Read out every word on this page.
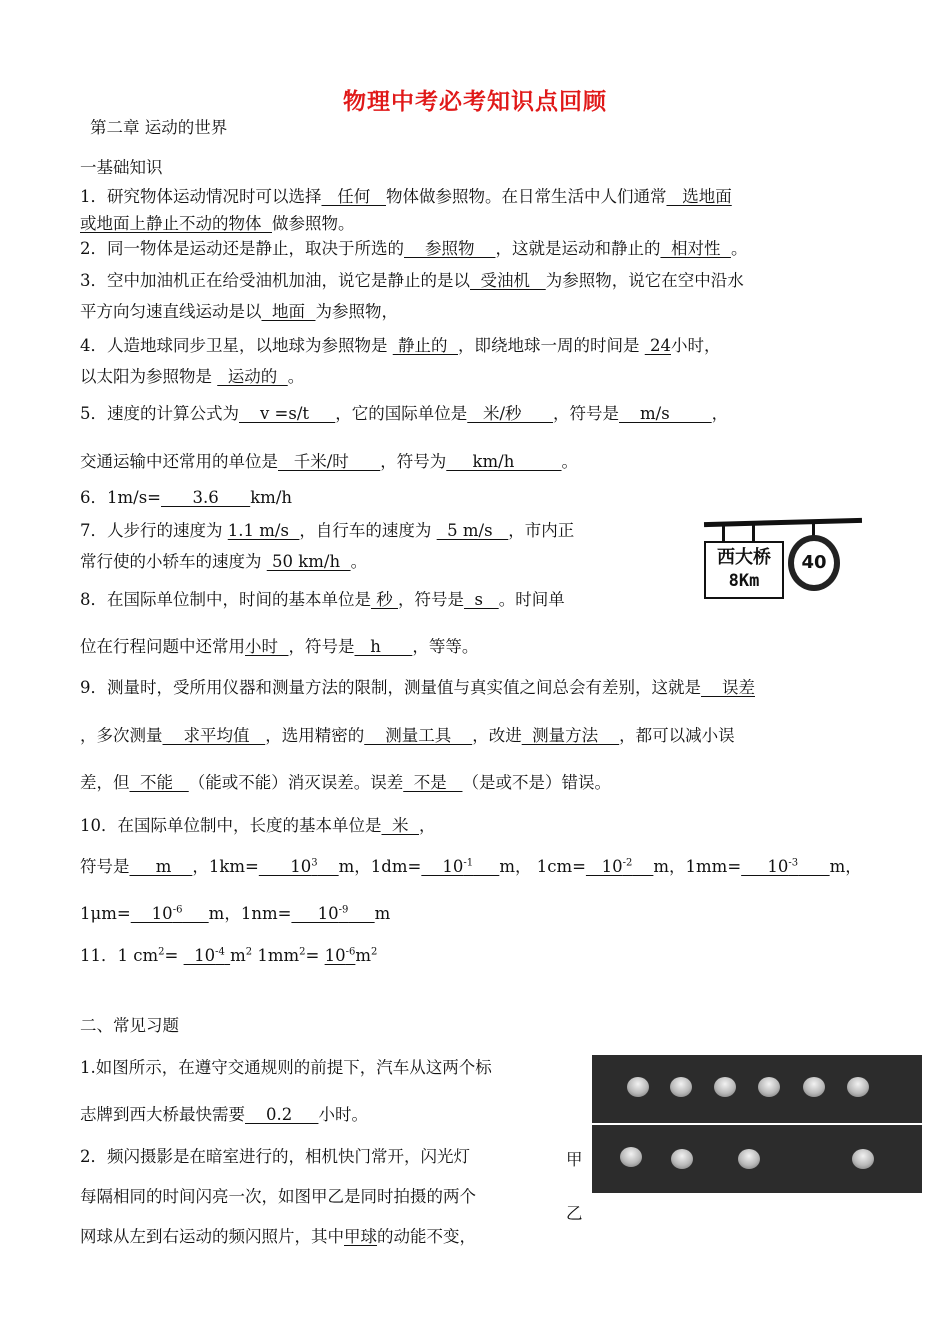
物理中考必考知识点回顾
第二章 运动的世界
一基础知识
1．研究物体运动情况时可以选择   任何   物体做参照物。在日常生活中人们通常   选地面
或地面上静止不动的物体  做参照物。
2．同一物体是运动还是静止，取决于所选的    参照物    ，这就是运动和静止的  相对性  。
3．空中加油机正在给受油机加油，说它是静止的是以  受油机   为参照物，说它在空中沿水
平方向匀速直线运动是以  地面  为参照物，
4．人造地球同步卫星，以地球为参照物是  静止的  ，即绕地球一周的时间是  24小时，
以太阳为参照物是   运动的  。
5．速度的计算公式为    v =s/t     ，它的国际单位是   米/秒      ，符号是    m/s        ，
交通运输中还常用的单位是   千米/时      ，符号为     km/h         。
6．1m/s=      3.6      km/h
7．人步行的速度为 1.1 m/s  ，自行车的速度为   5 m/s   ，市内正
常行使的小轿车的速度为  50 km/h  。
8．在国际单位制中，时间的基本单位是 秒 ，符号是  s   。时间单
位在行程问题中还常用小时  ，符号是   h      ，等等。
9．测量时，受所用仪器和测量方法的限制，测量值与真实值之间总会有差别，这就是    误差
，多次测量    求平均值   ，选用精密的    测量工具    ，改进  测量方法    ，都可以减小误
差，但  不能   （能或不能）消灭误差。误差  不是   （是或不是）错误。
10．在国际单位制中，长度的基本单位是  米  ，
符号是     m    ，1km=      $10^3$ m，1dm=    $10^{-1}$ m， $1cm= 10^{-2}$ m，1mm=     $10^{-3}$ m，
1μm=    $10^{-6}$ m，1nm=     $10^{-9}$ m
11．1 $cm^2= 10^{-4}$ $m^2$ $1mm^2= 10^{-6}m^2$
二、常见习题
1.如图所示，在遵守交通规则的前提下，汽车从这两个标
志牌到西大桥最快需要    0.2     小时。
2．频闪摄影是在暗室进行的，相机快门常开，闪光灯
每隔相同的时间闪亮一次，如图甲乙是同时拍摄的两个
网球从左到右运动的频闪照片，其中甲球的动能不变，
西大桥
8Km
40
甲
乙
